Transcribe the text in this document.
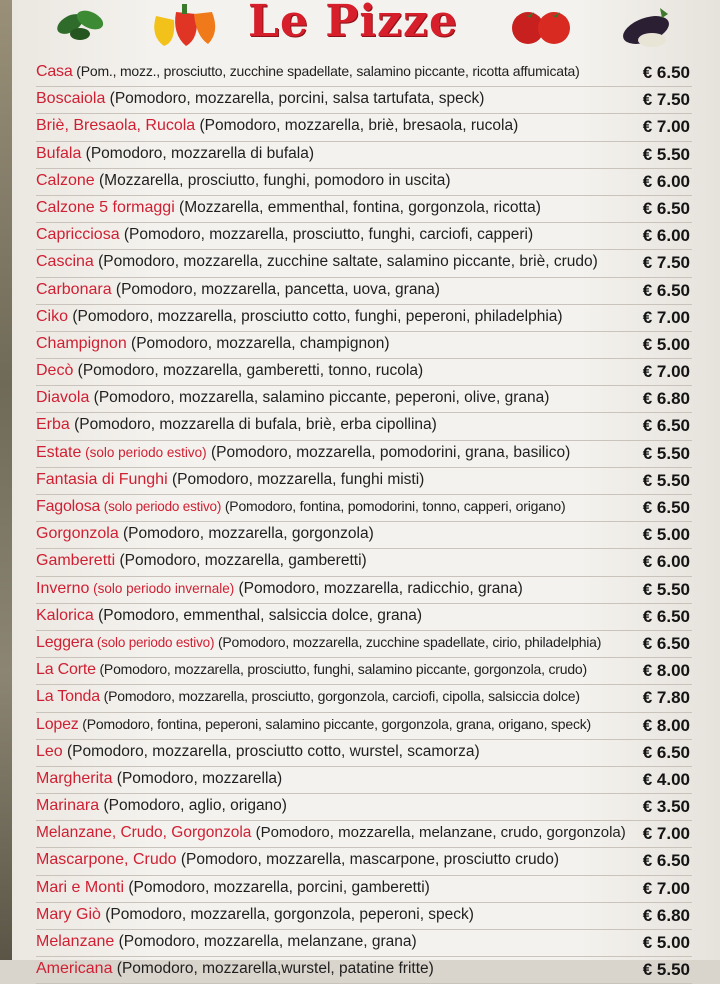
Le Pizze
Casa (Pom., mozz., prosciutto, zucchine spadellate, salamino piccante, ricotta affumicata)	€ 6.50
Boscaiola (Pomodoro, mozzarella, porcini, salsa tartufata, speck)	€ 7.50
Briè, Bresaola, Rucola (Pomodoro, mozzarella, briè, bresaola, rucola)	€ 7.00
Bufala (Pomodoro, mozzarella di bufala)	€ 5.50
Calzone (Mozzarella, prosciutto, funghi, pomodoro in uscita)	€ 6.00
Calzone 5 formaggi (Mozzarella, emmenthal, fontina, gorgonzola, ricotta)	€ 6.50
Capricciosa (Pomodoro, mozzarella, prosciutto, funghi, carciofi, capperi)	€ 6.00
Cascina (Pomodoro, mozzarella, zucchine saltate, salamino piccante, briè, crudo)	€ 7.50
Carbonara (Pomodoro, mozzarella, pancetta, uova, grana)	€ 6.50
Ciko (Pomodoro, mozzarella, prosciutto cotto, funghi, peperoni, philadelphia)	€ 7.00
Champignon (Pomodoro, mozzarella, champignon)	€ 5.00
Decò (Pomodoro, mozzarella, gamberetti, tonno, rucola)	€ 7.00
Diavola (Pomodoro, mozzarella, salamino piccante, peperoni, olive, grana)	€ 6.80
Erba (Pomodoro, mozzarella di bufala, briè, erba cipollina)	€ 6.50
Estate (solo periodo estivo) (Pomodoro, mozzarella, pomodorini, grana, basilico)	€ 5.50
Fantasia di Funghi (Pomodoro, mozzarella, funghi misti)	€ 5.50
Fagolosa (solo periodo estivo) (Pomodoro, fontina, pomodorini, tonno, capperi, origano)	€ 6.50
Gorgonzola (Pomodoro, mozzarella, gorgonzola)	€ 5.00
Gamberetti (Pomodoro, mozzarella, gamberetti)	€ 6.00
Inverno (solo periodo invernale) (Pomodoro, mozzarella, radicchio, grana)	€ 5.50
Kalorica (Pomodoro, emmenthal, salsiccia dolce, grana)	€ 6.50
Leggera (solo periodo estivo) (Pomodoro, mozzarella, zucchine spadellate, cirio, philadelphia) € 6.50
La Corte (Pomodoro, mozzarella, prosciutto, funghi, salamino piccante, gorgonzola, crudo)	€ 8.00
La Tonda (Pomodoro, mozzarella, prosciutto, gorgonzola, carciofi, cipolla, salsiccia dolce)	€ 7.80
Lopez (Pomodoro, fontina, peperoni, salamino piccante, gorgonzola, grana, origano, speck)	€ 8.00
Leo (Pomodoro, mozzarella, prosciutto cotto, wurstel, scamorza)	€ 6.50
Margherita (Pomodoro, mozzarella)	€ 4.00
Marinara (Pomodoro, aglio, origano)	€ 3.50
Melanzane, Crudo, Gorgonzola (Pomodoro, mozzarella, melanzane, crudo, gorgonzola) € 7.00
Mascarpone, Crudo (Pomodoro, mozzarella, mascarpone, prosciutto crudo)	€ 6.50
Mari e Monti (Pomodoro, mozzarella, porcini, gamberetti)	€ 7.00
Mary Giò (Pomodoro, mozzarella, gorgonzola, peperoni, speck)	€ 6.80
Melanzane (Pomodoro, mozzarella, melanzane, grana)	€ 5.00
Americana (Pomodoro, mozzarella,wurstel, patatine fritte)	€ 5.50
